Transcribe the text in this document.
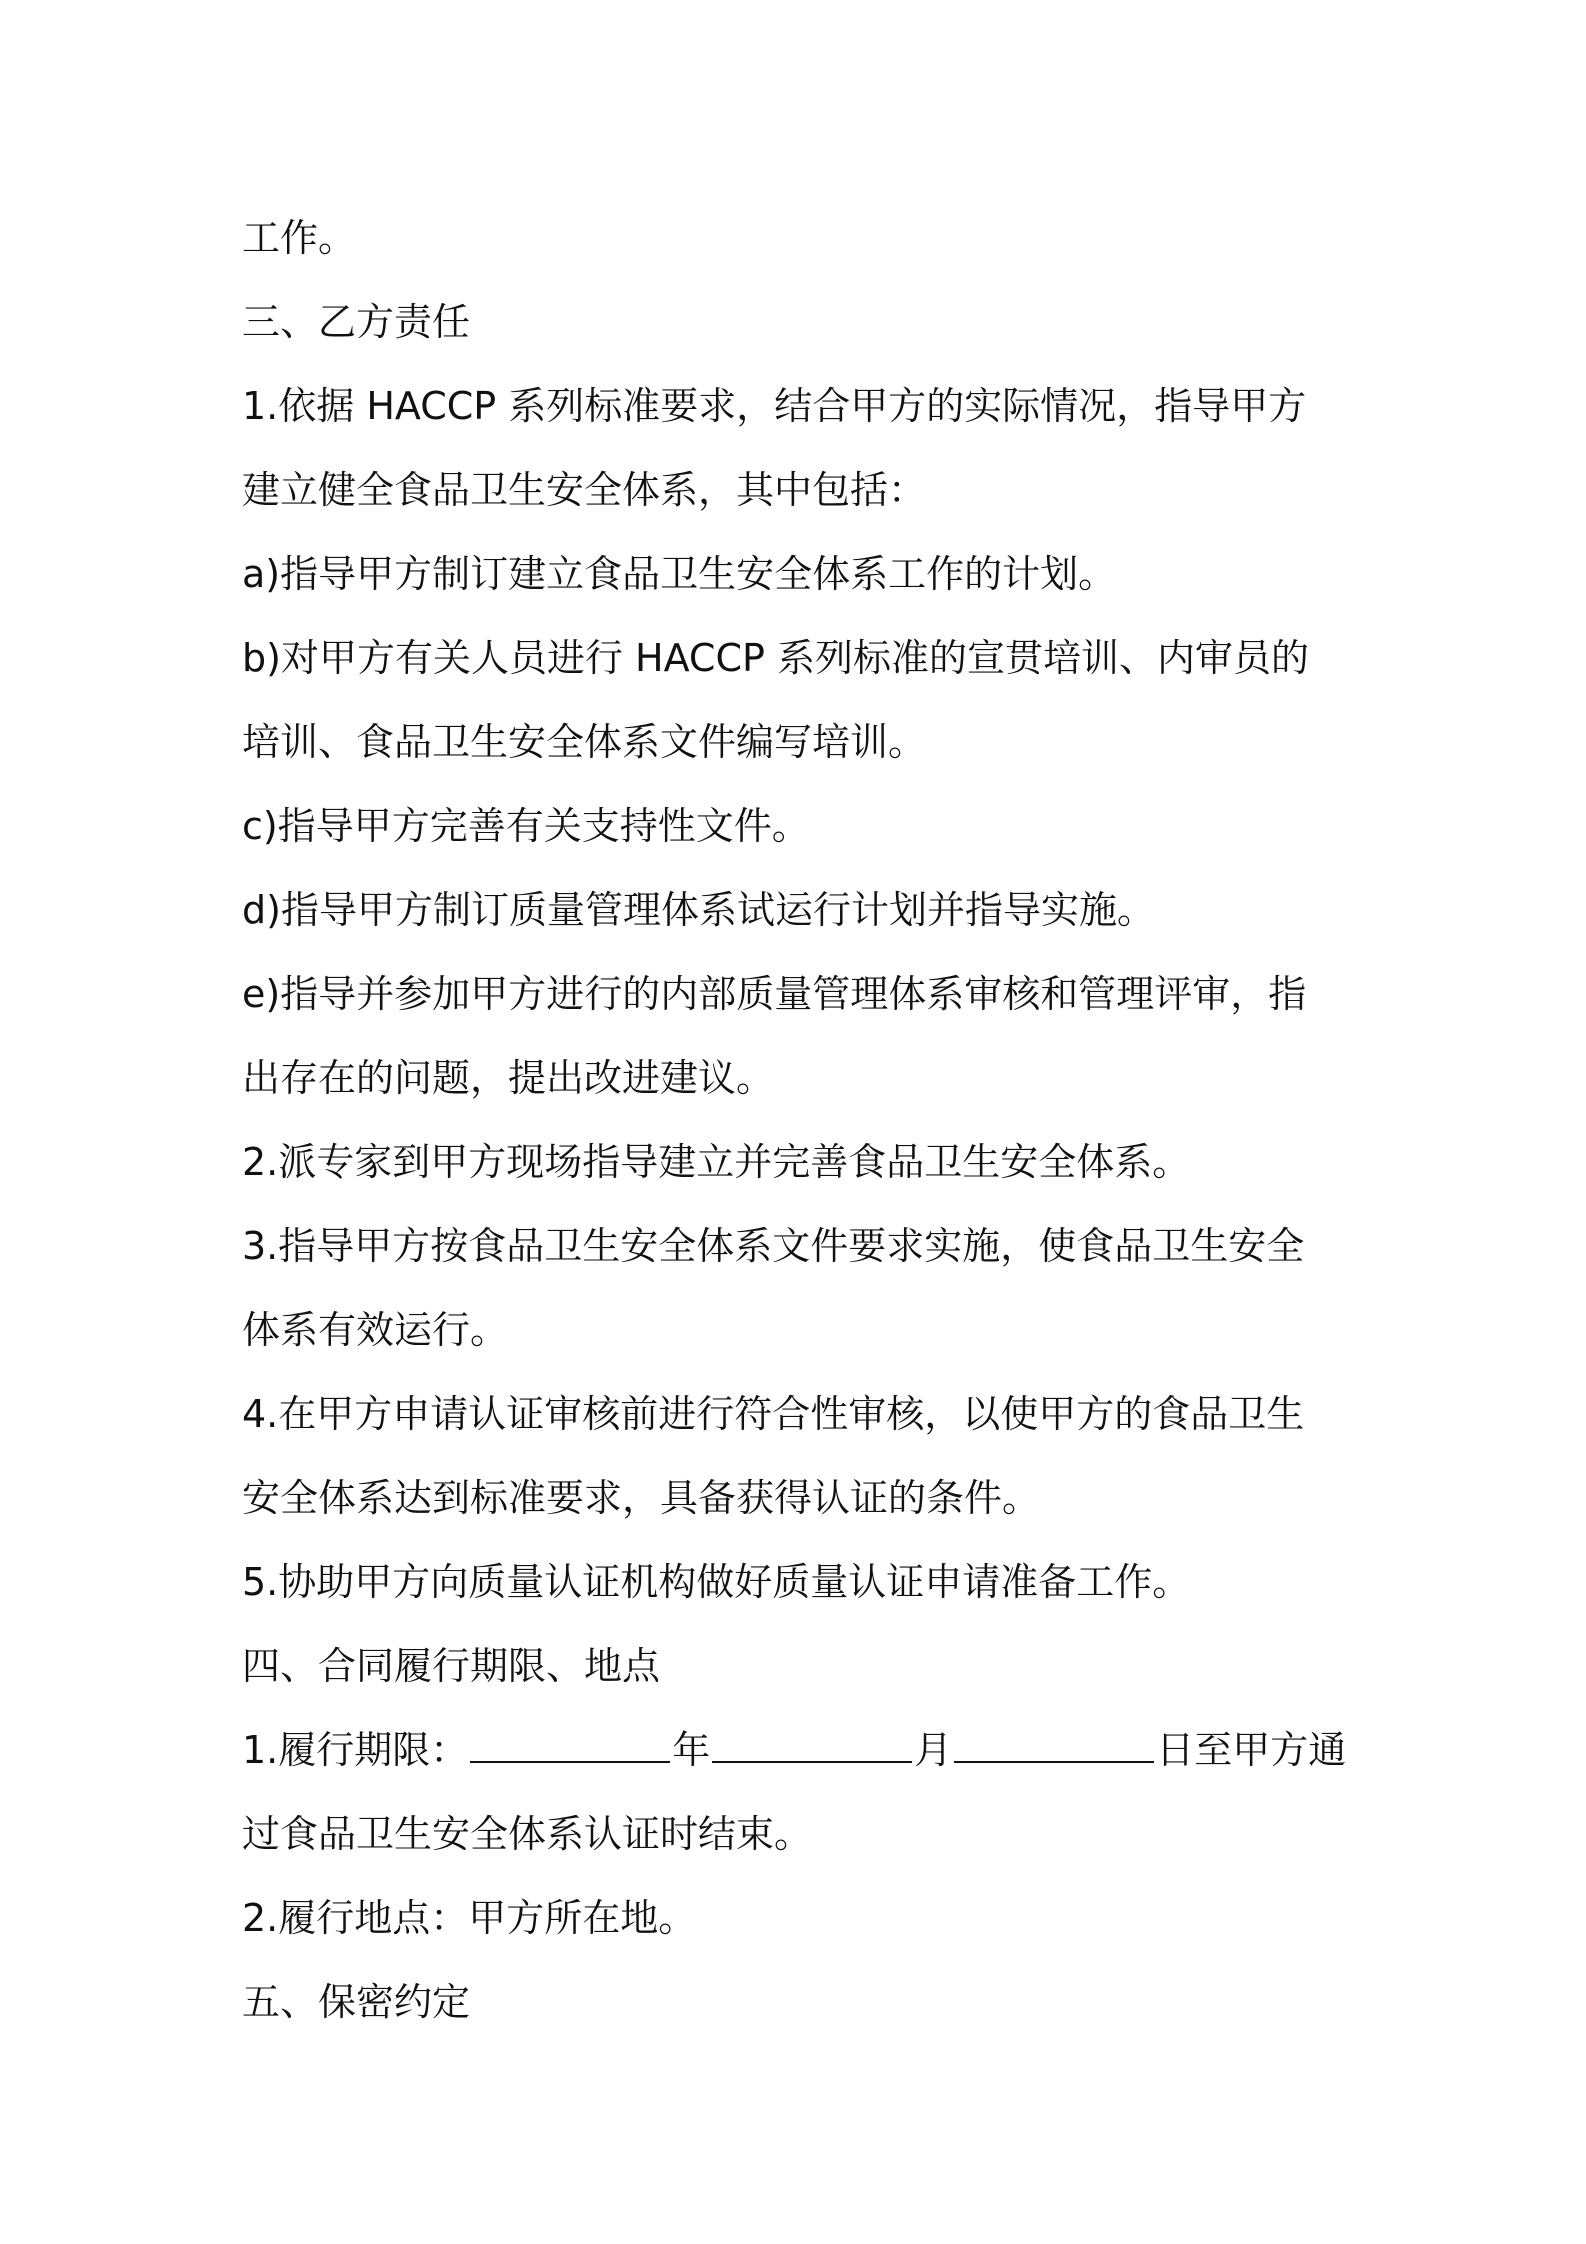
工作。
三、乙方责任
1.依据 HACCP 系列标准要求，结合甲方的实际情况，指导甲方
建立健全食品卫生安全体系，其中包括：
a)指导甲方制订建立食品卫生安全体系工作的计划。
b)对甲方有关人员进行 HACCP 系列标准的宣贯培训、内审员的
培训、食品卫生安全体系文件编写培训。
c)指导甲方完善有关支持性文件。
d)指导甲方制订质量管理体系试运行计划并指导实施。
e)指导并参加甲方进行的内部质量管理体系审核和管理评审，指
出存在的问题，提出改进建议。
2.派专家到甲方现场指导建立并完善食品卫生安全体系。
3.指导甲方按食品卫生安全体系文件要求实施，使食品卫生安全
体系有效运行。
4.在甲方申请认证审核前进行符合性审核，以使甲方的食品卫生
安全体系达到标准要求，具备获得认证的条件。
5.协助甲方向质量认证机构做好质量认证申请准备工作。
四、合同履行期限、地点
1.履行期限：	年	月	日至甲方通
过食品卫生安全体系认证时结束。
2.履行地点：甲方所在地。
五、保密约定
